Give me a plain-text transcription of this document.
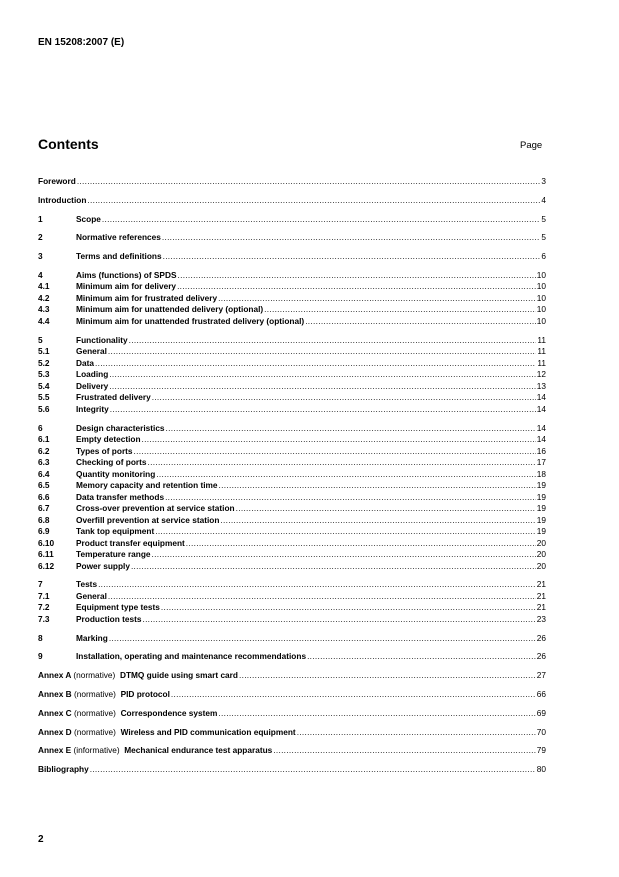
EN 15208:2007 (E)
Contents	Page
Foreword .....	3
Introduction .....	4
1	Scope .....	5
2	Normative references .....	5
3	Terms and definitions .....	6
4	Aims (functions) of SPDS .....	10
4.1	Minimum aim for delivery .....	10
4.2	Minimum aim for frustrated delivery .....	10
4.3	Minimum aim for unattended delivery (optional) .....	10
4.4	Minimum aim for unattended frustrated delivery (optional) .....	10
5	Functionality .....	11
5.1	General .....	11
5.2	Data .....	11
5.3	Loading .....	12
5.4	Delivery .....	13
5.5	Frustrated delivery .....	14
5.6	Integrity .....	14
6	Design characteristics .....	14
6.1	Empty detection .....	14
6.2	Types of ports .....	16
6.3	Checking of ports .....	17
6.4	Quantity monitoring .....	18
6.5	Memory capacity and retention time .....	19
6.6	Data transfer methods .....	19
6.7	Cross-over prevention at service station .....	19
6.8	Overfill prevention at service station .....	19
6.9	Tank top equipment .....	19
6.10	Product transfer equipment .....	20
6.11	Temperature range .....	20
6.12	Power supply .....	20
7	Tests .....	21
7.1	General .....	21
7.2	Equipment type tests .....	21
7.3	Production tests .....	23
8	Marking .....	26
9	Installation, operating and maintenance recommendations .....	26
Annex A (normative) DTMQ guide using smart card .....	27
Annex B (normative) PID protocol .....	66
Annex C (normative) Correspondence system .....	69
Annex D (normative) Wireless and PID communication equipment .....	70
Annex E (informative) Mechanical endurance test apparatus .....	79
Bibliography .....	80
2
